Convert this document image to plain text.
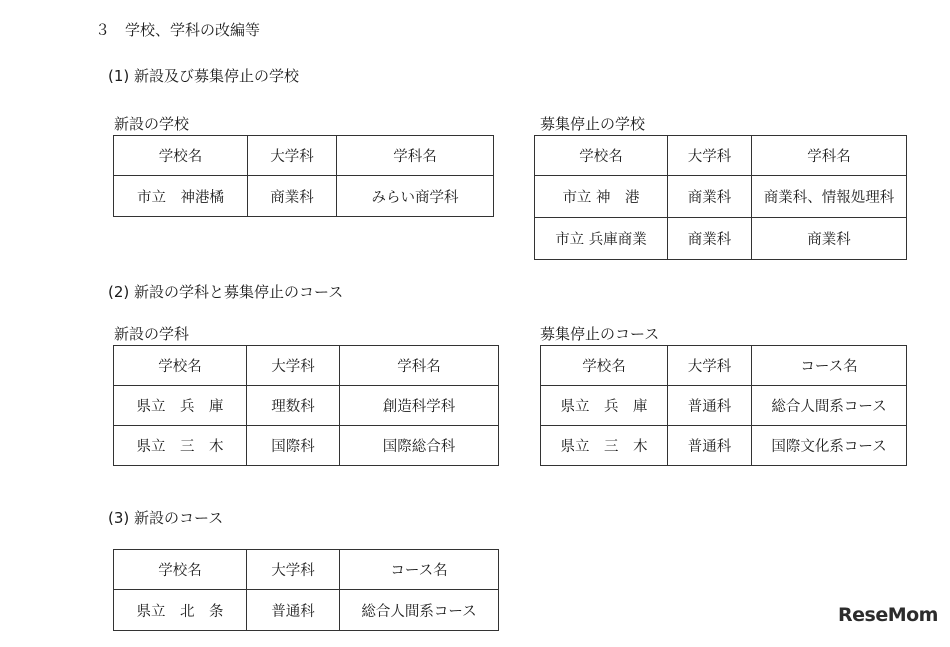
３　学校、学科の改編等
(1) 新設及び募集停止の学校
新設の学校
学校名	大学科	学科名
市立　神港橘	商業科	みらい商学科
募集停止の学校
学校名	大学科	学科名
市立 神　港	商業科	商業科、情報処理科
市立 兵庫商業	商業科	商業科
(2) 新設の学科と募集停止のコース
新設の学科
学校名	大学科	学科名
県立　兵　庫	理数科	創造科学科
県立　三　木	国際科	国際総合科
募集停止のコース
学校名	大学科	コース名
県立　兵　庫	普通科	総合人間系コース
県立　三　木	普通科	国際文化系コース
(3) 新設のコース
学校名	大学科	コース名
県立　北　条	普通科	総合人間系コース	ReseMom
